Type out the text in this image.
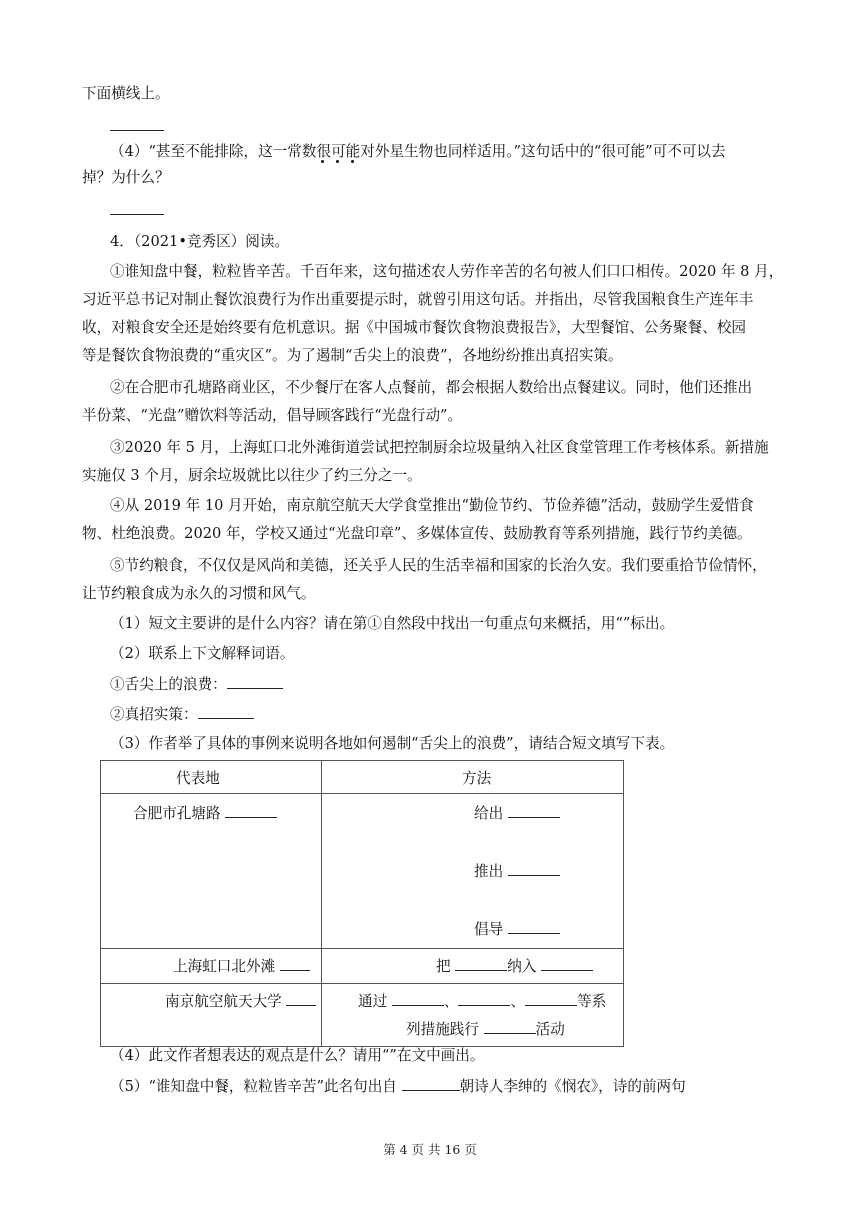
下面横线上。
（4）“甚至不能排除，这一常数很可能
对外星生物也同样适用。”这句话中的“很可能”可不可以去
掉？为什么？
4．（2021•竞秀区）阅读。
①谁知盘中餐，粒粒皆辛苦。千百年来，这句描述农人劳作辛苦的名句被人们口口相传。2020 年 8 月，
习近平总书记对制止餐饮浪费行为作出重要提示时，就曾引用这句话。并指出，尽管我国粮食生产连年丰
收，对粮食安全还是始终要有危机意识。据《中国城市餐饮食物浪费报告》，大型餐馆、公务聚餐、校园
等是餐饮食物浪费的“重灾区”。为了遏制“舌尖上的浪费”，各地纷纷推出真招实策。
②在合肥市孔塘路商业区，不少餐厅在客人点餐前，都会根据人数给出点餐建议。同时，他们还推出
半份菜、“光盘”赠饮料等活动，倡导顾客践行“光盘行动”。
③2020 年 5 月，上海虹口北外滩街道尝试把控制厨余垃圾量纳入社区食堂管理工作考核体系。新措施
实施仅 3 个月，厨余垃圾就比以往少了约三分之一。
④从 2019 年 10 月开始，南京航空航天大学食堂推出“勤俭节约、节俭养德”活动，鼓励学生爱惜食
物、杜绝浪费。2020 年，学校又通过“光盘印章”、多媒体宣传、鼓励教育等系列措施，践行节约美德。
⑤节约粮食，不仅仅是风尚和美德，还关乎人民的生活幸福和国家的长治久安。我们要重拾节俭情怀，
让节约粮食成为永久的习惯和风气。
（1）短文主要讲的是什么内容？请在第①自然段中找出一句重点句来概括，用“”标出。
（2）联系上下文解释词语。
①舌尖上的浪费：
②真招实策：
（3）作者举了具体的事例来说明各地如何遏制“舌尖上的浪费”，请结合短文填写下表。
代表地	方法

合肥市孔塘路	给出
推出
倡导

上海虹口北外滩	把 纳入

南京航空航天大学	通过 、 、 等系
列措施践行 活动
（4）此文作者想表达的观点是什么？请用“”在文中画出。
（5）“谁知盘中餐，粒粒皆辛苦”此名句出自	朝诗人李绅的《悯农》，诗的前两句
第 4 页 共 16 页
